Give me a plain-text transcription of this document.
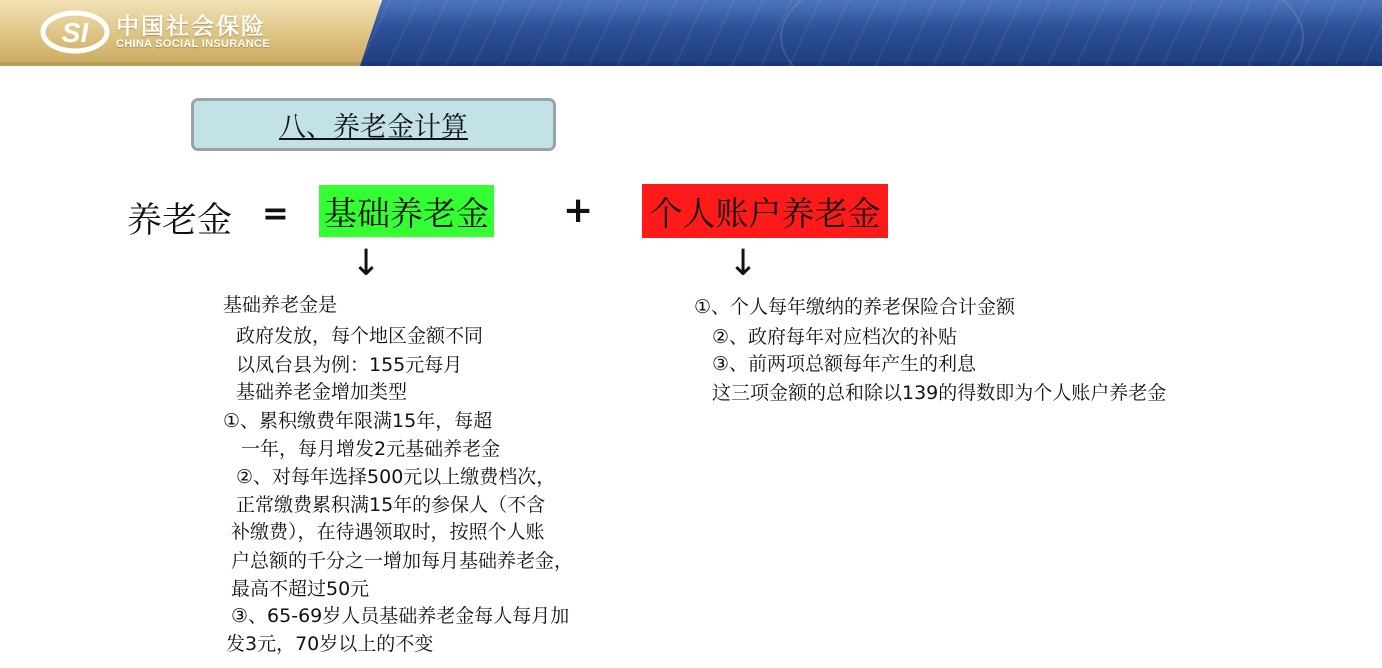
SI 中国社会保险
CHINA SOCIAL INSURANCE
八、养老金计算
养老金 = 基础养老金 + 个人账户养老金
↓	↓
基础养老金是
政府发放，每个地区金额不同
以凤台县为例：155元每月
基础养老金增加类型
①、累积缴费年限满15年，每超
一年，每月增发2元基础养老金
②、对每年选择500元以上缴费档次，
正常缴费累积满15年的参保人（不含
补缴费），在待遇领取时，按照个人账
户总额的千分之一增加每月基础养老金，
最高不超过50元
③、65-69岁人员基础养老金每人每月加
发3元，70岁以上的不变
①、个人每年缴纳的养老保险合计金额
②、政府每年对应档次的补贴
③、前两项总额每年产生的利息
这三项金额的总和除以139的得数即为个人账户养老金
